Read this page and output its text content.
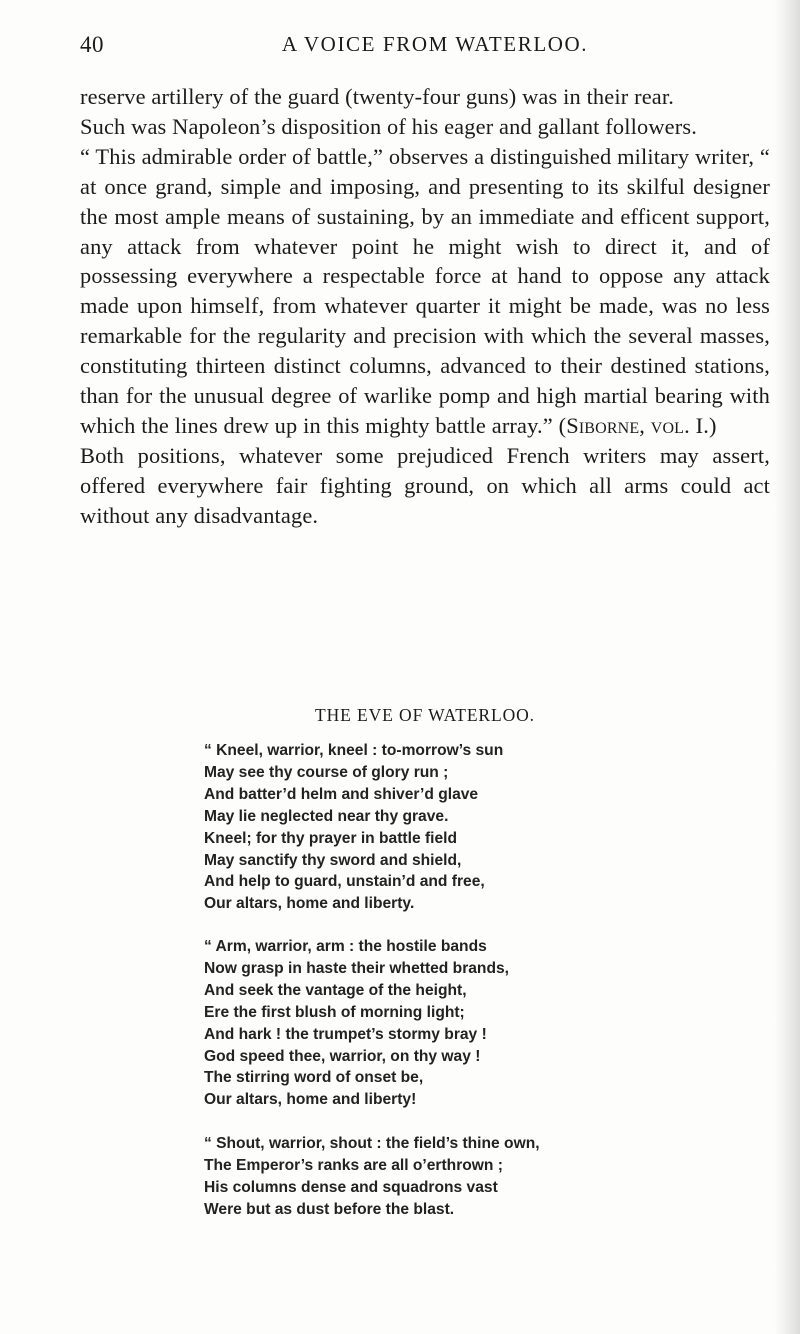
40	A VOICE FROM WATERLOO.

reserve artillery of the guard (twenty-four guns) was in their rear.

Such was Napoleon’s disposition of his eager and gallant followers.

“ This admirable order of battle,” observes a distinguished military writer, “ at once grand, simple and imposing, and presenting to its skilful designer the most ample means of sustaining, by an immediate and efficent support, any attack from whatever point he might wish to direct it, and of possessing everywhere a respectable force at hand to oppose any attack made upon himself, from whatever quarter it might be made, was no less remarkable for the regularity and precision with which the several masses, constituting thirteen distinct columns, advanced to their destined stations, than for the unusual degree of warlike pomp and high martial bearing with which the lines drew up in this mighty battle array.” (Siborne, vol. I.)

Both positions, whatever some prejudiced French writers may assert, offered everywhere fair fighting ground, on which all arms could act without any disadvantage.

THE EVE OF WATERLOO.
“ Kneel, warrior, kneel : to-morrow’s sun
May see thy course of glory run ;
And batter’d helm and shiver’d glave
May lie neglected near thy grave.
Kneel; for thy prayer in battle field
May sanctify thy sword and shield,
And help to guard, unstain’d and free,
Our altars, home and liberty.
“ Arm, warrior, arm : the hostile bands
Now grasp in haste their whetted brands,
And seek the vantage of the height,
Ere the first blush of morning light;
And hark ! the trumpet’s stormy bray !
God speed thee, warrior, on thy way !
The stirring word of onset be,
Our altars, home and liberty!
“ Shout, warrior, shout : the field’s thine own,
The Emperor’s ranks are all o’erthrown ;
His columns dense and squadrons vast
Were but as dust before the blast.
